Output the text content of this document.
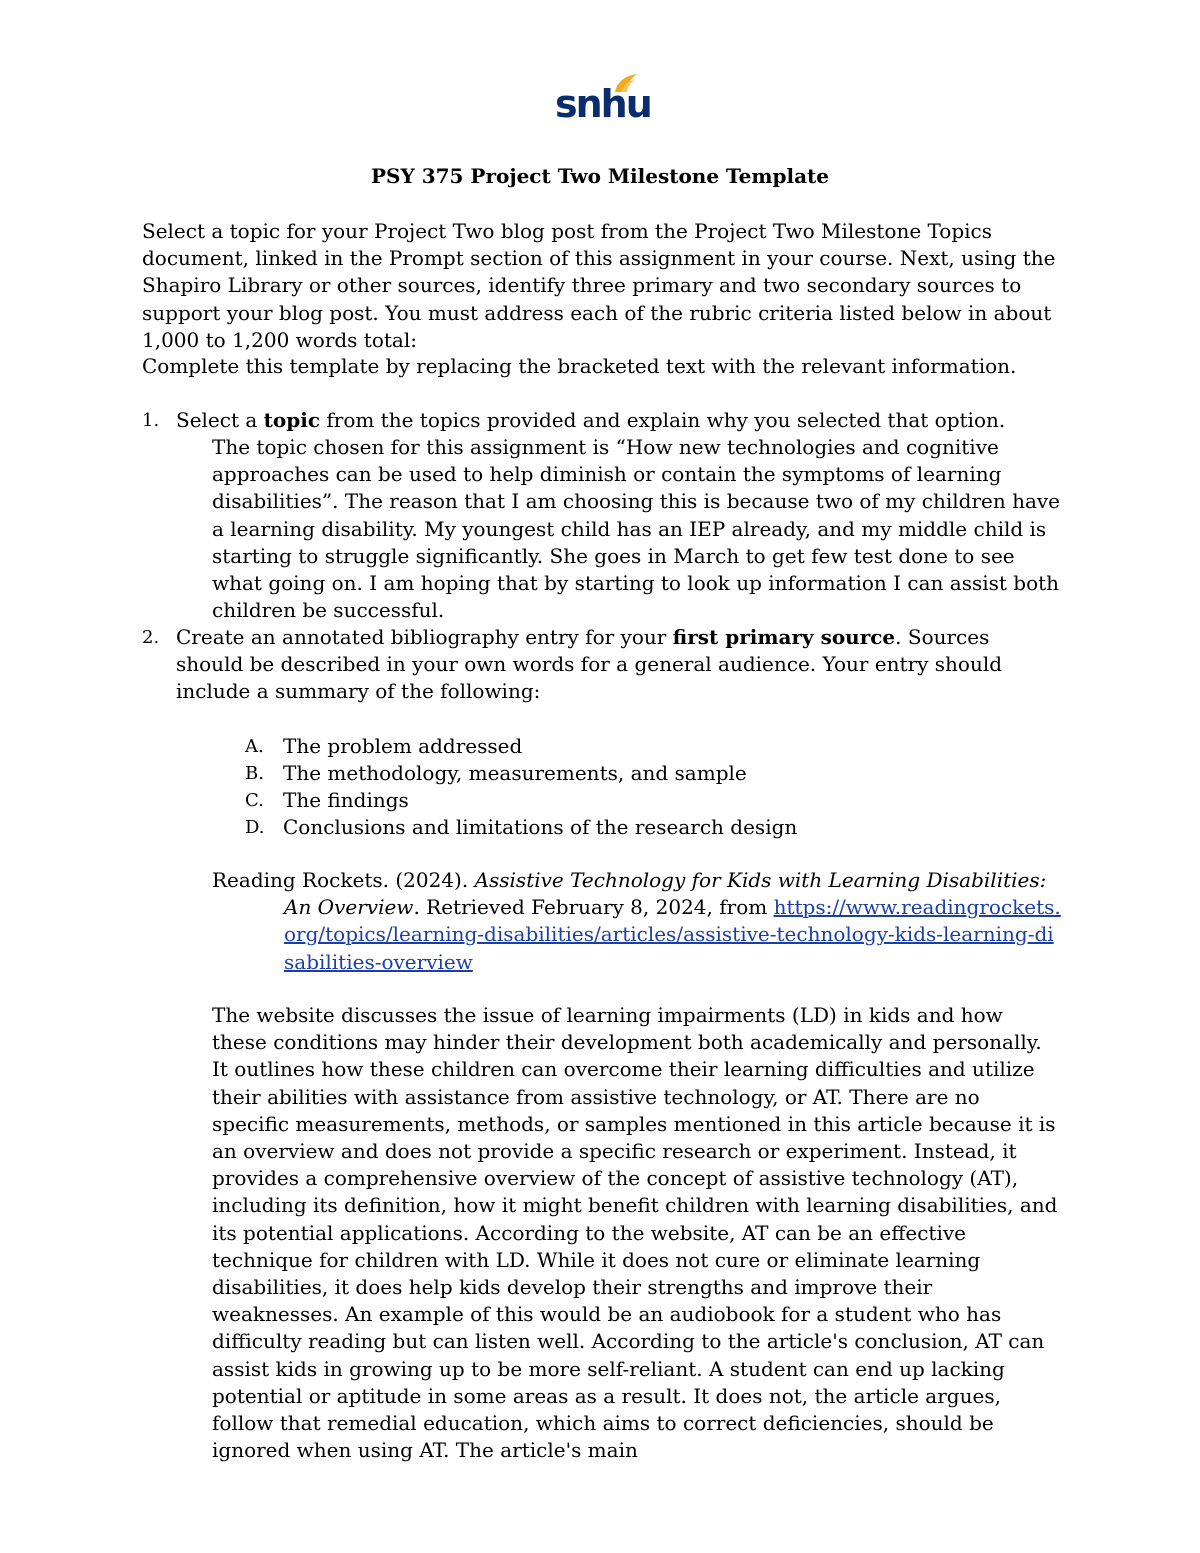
snhu
PSY 375 Project Two Milestone Template

Select a topic for your Project Two blog post from the Project Two Milestone Topics document, linked in the Prompt section of this assignment in your course. Next, using the Shapiro Library or other sources, identify three primary and two secondary sources to support your blog post. You must address each of the rubric criteria listed below in about 1,000 to 1,200 words total:

Complete this template by replacing the bracketed text with the relevant information.

1. Select a topic from the topics provided and explain why you selected that option.

The topic chosen for this assignment is “How new technologies and cognitive approaches can be used to help diminish or contain the symptoms of learning disabilities”. The reason that I am choosing this is because two of my children have a learning disability. My youngest child has an IEP already, and my middle child is starting to struggle significantly. She goes in March to get few test done to see what going on. I am hoping that by starting to look up information I can assist both children be successful.

2. Create an annotated bibliography entry for your first primary source. Sources should be described in your own words for a general audience. Your entry should include a summary of the following:
A. The problem addressed
B. The methodology, measurements, and sample
C. The findings
D. Conclusions and limitations of the research design
Reading Rockets. (2024). Assistive Technology for Kids with Learning Disabilities: An Overview. Retrieved February 8, 2024, from https://www.readingrockets.org/topics/learning-disabilities/articles/assistive-technology-kids-learning-disabilities-overview

The website discusses the issue of learning impairments (LD) in kids and how these conditions may hinder their development both academically and personally. It outlines how these children can overcome their learning difficulties and utilize their abilities with assistance from assistive technology, or AT. There are no specific measurements, methods, or samples mentioned in this article because it is an overview and does not provide a specific research or experiment. Instead, it provides a comprehensive overview of the concept of assistive technology (AT), including its definition, how it might benefit children with learning disabilities, and its potential applications. According to the website, AT can be an effective technique for children with LD. While it does not cure or eliminate learning disabilities, it does help kids develop their strengths and improve their weaknesses. An example of this would be an audiobook for a student who has difficulty reading but can listen well. According to the article's conclusion, AT can assist kids in growing up to be more self-reliant. A student can end up lacking potential or aptitude in some areas as a result. It does not, the article argues, follow that remedial education, which aims to correct deficiencies, should be ignored when using AT. The article's main
